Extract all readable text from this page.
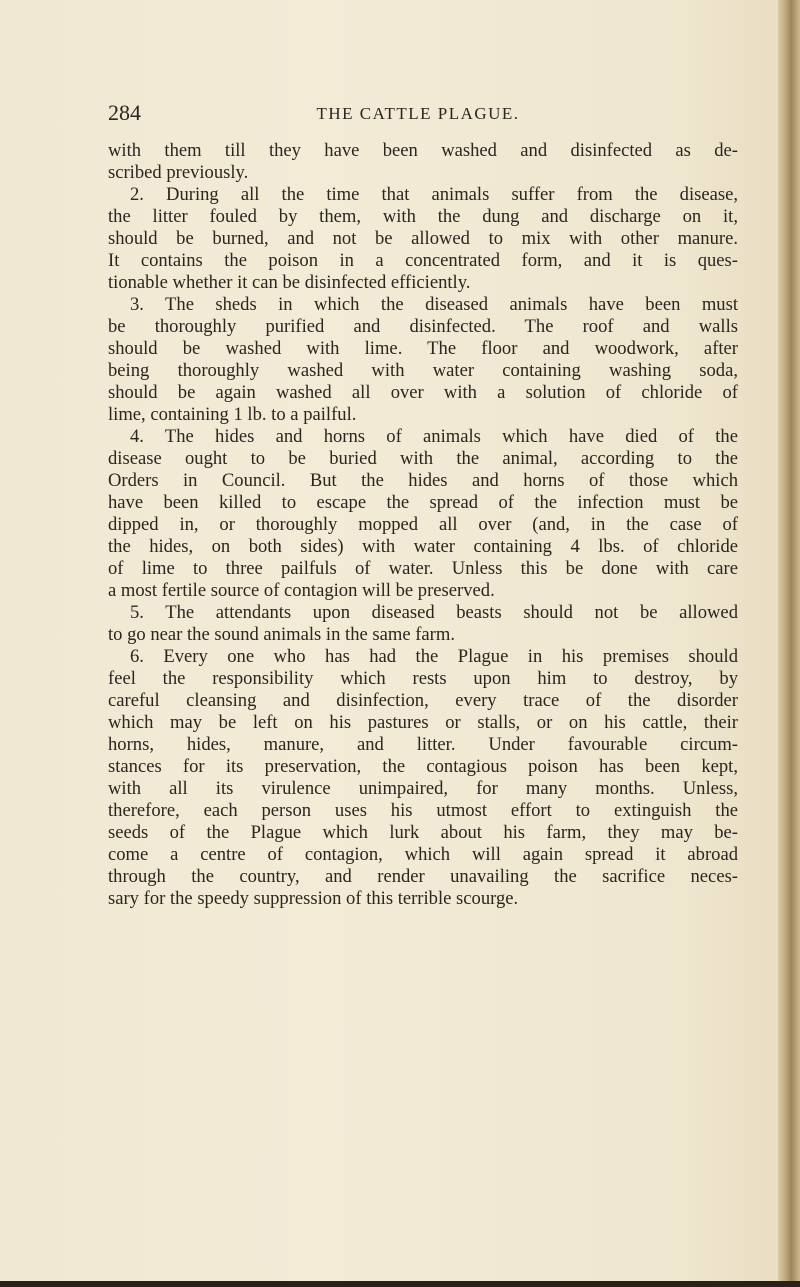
284	THE CATTLE PLAGUE.
with them till they have been washed and disinfected as de-
scribed previously.
2. During all the time that animals suffer from the disease,
the litter fouled by them, with the dung and discharge on it,
should be burned, and not be allowed to mix with other manure.
It contains the poison in a concentrated form, and it is ques-
tionable whether it can be disinfected efficiently.
3. The sheds in which the diseased animals have been must
be thoroughly purified and disinfected. The roof and walls
should be washed with lime. The floor and woodwork, after
being thoroughly washed with water containing washing soda,
should be again washed all over with a solution of chloride of
lime, containing 1 lb. to a pailful.
4. The hides and horns of animals which have died of the
disease ought to be buried with the animal, according to the
Orders in Council. But the hides and horns of those which
have been killed to escape the spread of the infection must be
dipped in, or thoroughly mopped all over (and, in the case of
the hides, on both sides) with water containing 4 lbs. of chloride
of lime to three pailfuls of water. Unless this be done with care
a most fertile source of contagion will be preserved.
5. The attendants upon diseased beasts should not be allowed
to go near the sound animals in the same farm.
6. Every one who has had the Plague in his premises should
feel the responsibility which rests upon him to destroy, by
careful cleansing and disinfection, every trace of the disorder
which may be left on his pastures or stalls, or on his cattle, their
horns, hides, manure, and litter. Under favourable circum-
stances for its preservation, the contagious poison has been kept,
with all its virulence unimpaired, for many months. Unless,
therefore, each person uses his utmost effort to extinguish the
seeds of the Plague which lurk about his farm, they may be-
come a centre of contagion, which will again spread it abroad
through the country, and render unavailing the sacrifice neces-
sary for the speedy suppression of this terrible scourge.
